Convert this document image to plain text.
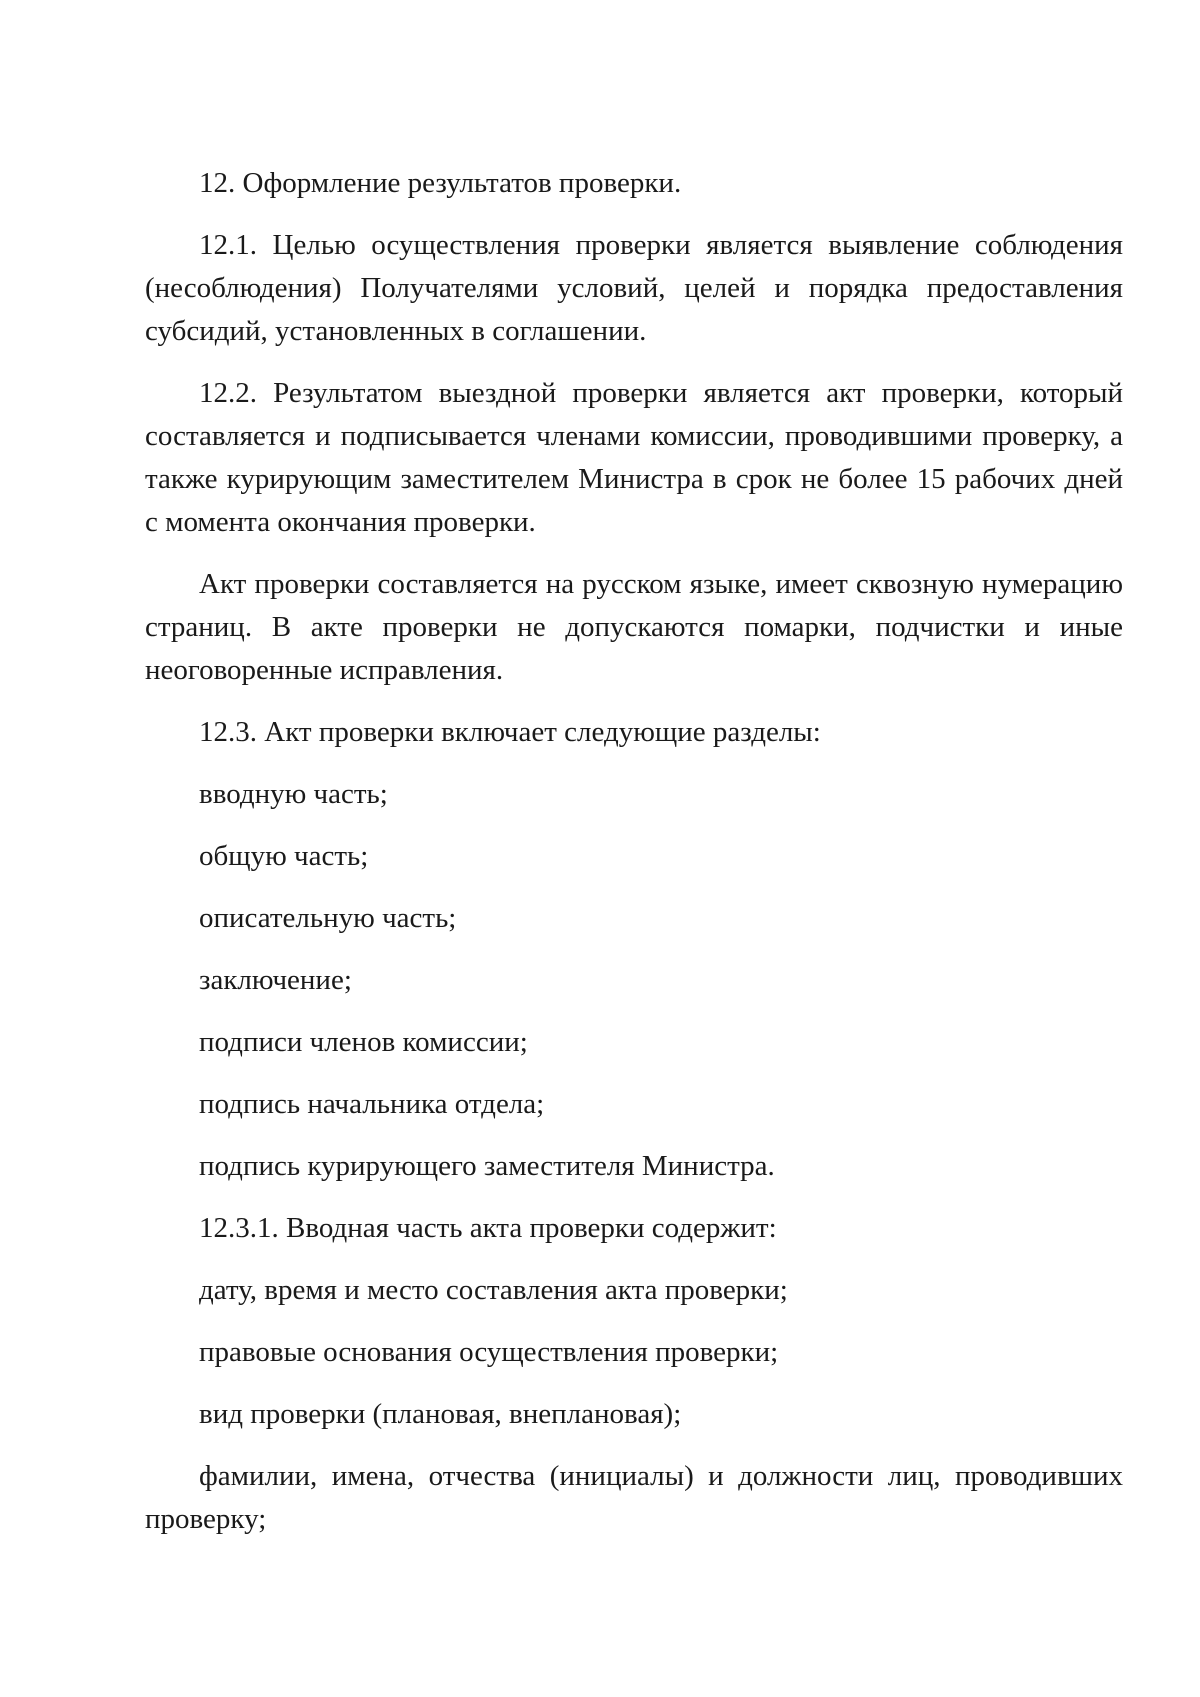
12. Оформление результатов проверки.

12.1. Целью осуществления проверки является выявление соблюдения (несоблюдения) Получателями условий, целей и порядка предоставления субсидий, установленных в соглашении.

12.2. Результатом выездной проверки является акт проверки, который составляется и подписывается членами комиссии, проводившими проверку, а также курирующим заместителем Министра в срок не более 15 рабочих дней с момента окончания проверки.

Акт проверки составляется на русском языке, имеет сквозную нумерацию страниц. В акте проверки не допускаются помарки, подчистки и иные неоговоренные исправления.

12.3. Акт проверки включает следующие разделы:

вводную часть;

общую часть;

описательную часть;

заключение;

подписи членов комиссии;

подпись начальника отдела;

подпись курирующего заместителя Министра.

12.3.1. Вводная часть акта проверки содержит:

дату, время и место составления акта проверки;

правовые основания осуществления проверки;

вид проверки (плановая, внеплановая);

фамилии, имена, отчества (инициалы) и должности лиц, проводивших проверку;
